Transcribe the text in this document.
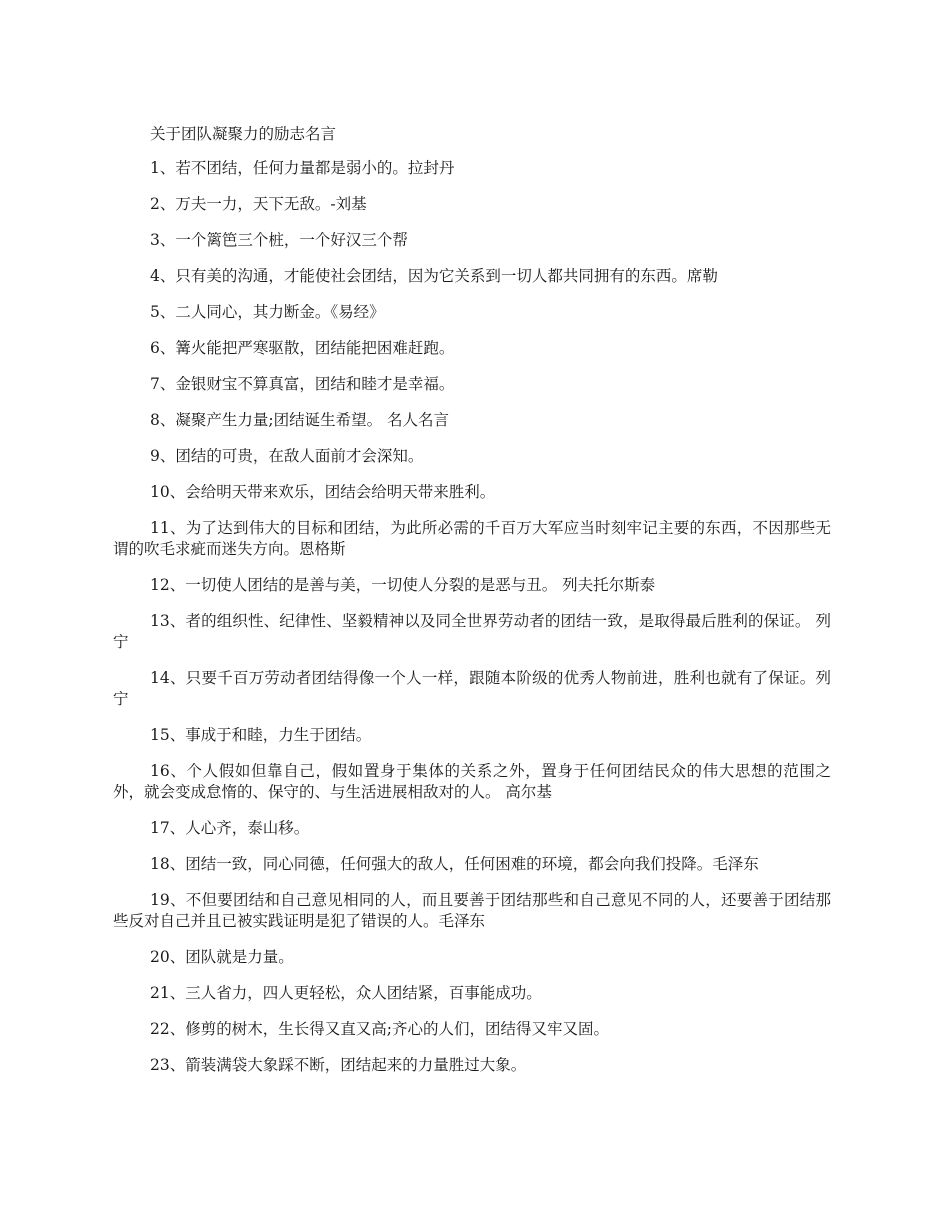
关于团队凝聚力的励志名言

1、若不团结，任何力量都是弱小的。拉封丹

2、万夫一力，天下无敌。-刘基

3、一个篱笆三个桩，一个好汉三个帮

4、只有美的沟通，才能使社会团结，因为它关系到一切人都共同拥有的东西。席勒

5、二人同心，其力断金。《易经》

6、篝火能把严寒驱散，团结能把困难赶跑。

7、金银财宝不算真富，团结和睦才是幸福。

8、凝聚产生力量;团结诞生希望。 名人名言

9、团结的可贵，在敌人面前才会深知。

10、会给明天带来欢乐，团结会给明天带来胜利。

11、为了达到伟大的目标和团结，为此所必需的千百万大军应当时刻牢记主要的东西，不因那些无谓的吹毛求疵而迷失方向。恩格斯

12、一切使人团结的是善与美，一切使人分裂的是恶与丑。 列夫托尔斯泰

13、者的组织性、纪律性、坚毅精神以及同全世界劳动者的团结一致，是取得最后胜利的保证。 列宁

14、只要千百万劳动者团结得像一个人一样，跟随本阶级的优秀人物前进，胜利也就有了保证。列宁

15、事成于和睦，力生于团结。

16、个人假如但靠自己，假如置身于集体的关系之外，置身于任何团结民众的伟大思想的范围之外，就会变成怠惰的、保守的、与生活进展相敌对的人。 高尔基

17、人心齐，泰山移。

18、团结一致，同心同德，任何强大的敌人，任何困难的环境，都会向我们投降。毛泽东

19、不但要团结和自己意见相同的人，而且要善于团结那些和自己意见不同的人，还要善于团结那些反对自己并且已被实践证明是犯了错误的人。毛泽东

20、团队就是力量。

21、三人省力，四人更轻松，众人团结紧，百事能成功。

22、修剪的树木，生长得又直又高;齐心的人们，团结得又牢又固。

23、箭装满袋大象踩不断，团结起来的力量胜过大象。
